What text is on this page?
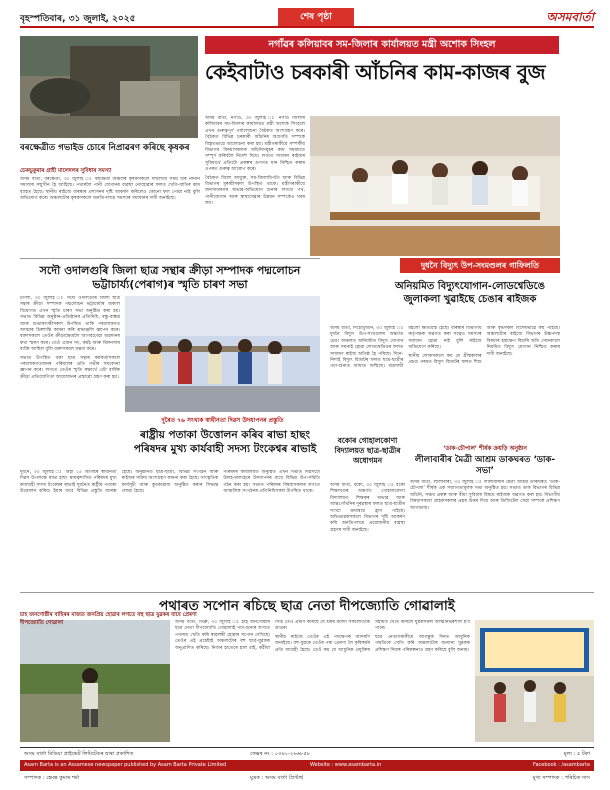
বৃহস্পতিবাৰ, ৩১ জুলাই, ২০২৫	শেষ পৃষ্ঠা	অসমবাৰ্তা
নগাঁৱৰ কলিয়াবৰ সম-জিলাৰ কাৰ্যালয়ত মন্ত্ৰী অশোক সিংহল
কেইবাটাও চৰকাৰী আঁচনিৰ কাম-কাজৰ বুজ
বৰক্ষেত্ৰীত গভাইড চোৰে নিপ্ৰাৱৰণ কৰিছে কৃষকৰ
চেকভুকুৰাৰ গ্ৰাহী মালেদলৰ সুবিধাৰ সমস্যা

অসম বাৰ্তা, বৰক্ষেত্ৰী, ৩০ জুলাই ঃ বৰক্ষেত্ৰী অঞ্চলৰ কৃষকসকলে দীঘলীয়া সময় ধৰি নানান সমস্যাৰ সন্মুখীন হৈ আহিছে। পথাৰলৈ পানী যোগানৰ ব্যৱস্থা নোহোৱাৰ ফলত খেতি-বাতিৰ কাম ব্যাহত হৈছে। স্থানীয় ৰাইজে বাৰম্বাৰ প্ৰশাসনৰ দৃষ্টি আকৰ্ষণ কৰিলেও কোনো ফল পোৱা নাই বুলি অভিযোগ কৰে। অঞ্চলটোৰ কৃষকসকলে অনতিপলমে সমস্যাৰ সমাধানৰ দাবী জনাইছে।

অসম বাৰ্তা, নগাঁও, ৩০ জুলাই ঃ নগাঁও জিলাৰ কলিয়াবৰ সম-জিলাৰ কাৰ্যালয়ত মন্ত্ৰী অশোক সিংহলে এখন গুৰুত্বপূৰ্ণ পৰ্যালোচনা বৈঠকত অংশগ্ৰহণ কৰে। বৈঠকত বিভিন্ন চৰকাৰী আঁচনিৰ অগ্ৰগতি সম্পৰ্কে বিস্তৃতভাৱে আলোচনা কৰা হয়। মন্ত্ৰীগৰাকীয়ে সম্পৰ্কীয় বিভাগৰ বিষয়াসকলক আঁচনিসমূহৰ কাম সময়মতে সম্পূৰ্ণ কৰিবলৈ নিৰ্দেশ দিয়ে। লগতে সাধাৰণ ৰাইজৰ সুবিধাৰ্থে প্ৰতিটো প্ৰকল্পৰ গুণগত মান নিশ্চিত কৰাৰ ওপৰত গুৰুত্ব আৰোপ কৰে।

বৈঠকত জিলা আয়ুক্ত, সম-জিলাধিপতি আৰু বিভিন্ন বিভাগৰ মূৰব্বীসকল উপস্থিত থাকে। মন্ত্ৰীগৰাকীয়ে জনসাধাৰণৰ অভাৱ-অভিযোগ শুনাৰ লগতে পথ, পানীযোগান আৰু স্বাস্থ্যসেৱাৰ উন্নয়ন সম্পৰ্কেও খবৰ লয়।

দুধনৈ বিদ্যুৎ উপ-সংমণ্ডলৰ গাফিলতি
অনিয়মিত বিদ্যুৎযোগান-লোডশ্বেডিঙে জুলাকলা খুৱাইছে চেঙাৰ ৰাইজক

অসম বাৰ্তা, দিচৌমুআন, ৩০ জুলাই ঃ দুধনৈ বিদ্যুৎ উপ-সংমণ্ডলৰ অন্তৰ্গত চেঙা অঞ্চলত অনিয়মিত বিদ্যুৎ যোগান আৰু সঘনাই হোৱা লোডশ্বেডিঙৰ ফলত সাধাৰণ ৰাইজ অতিষ্ঠ হৈ পৰিছে। দিনে-নিশাই বিদ্যুৎ বিভ্ৰাটৰ ফলত ছাত্ৰ-ছাত্ৰীৰ পঢ়া-শুনাত ব্যাঘাত জন্মিছে। ব্যৱসায়ী মহলো ক্ষতিগ্ৰস্ত হৈছে। বাৰম্বাৰ বিভাগীয় কৰ্তৃপক্ষক অৱগত কৰা সত্বেও সমস্যাৰ সমাধান হোৱা নাই বুলি ৰাইজে অভিযোগ কৰিছে।

স্থানীয় লোকসকলে কয় যে গ্ৰীষ্মকালৰ প্ৰচণ্ড গৰমত বিদ্যুৎ বিভ্ৰাটৰ ফলত শিশু আৰু বৃদ্ধসকল বিশেষভাৱে কষ্ট পাইছে। অঞ্চলটোৰ ৰাইজে বিভাগৰ উচ্চপদস্থ বিষয়াৰ হস্তক্ষেপ বিচাৰি অতি সোনকালে নিয়মিত বিদ্যুৎ যোগান নিশ্চিত কৰাৰ দাবী জনাইছে।

সদৌ ওদালগুৰি জিলা ছাত্ৰ সন্থাৰ ক্ৰীড়া সম্পাদক পদ্মলোচন ভট্টাচাৰ্য্য(পেৰাগ)ৰ স্মৃতি চাৰণ সভা

টাংলা, ৩০ জুলাই ঃ সদৌ ওদালগুৰি জিলা ছাত্ৰ সন্থাৰ ক্ৰীড়া সম্পাদক পদ্মলোচন ভট্টাচাৰ্য্যৰ অকাল বিয়োগত এখন স্মৃতি চাৰণ সভা অনুষ্ঠিত কৰা হয়। সভাত বিভিন্ন অনুষ্ঠান-প্ৰতিষ্ঠানৰ প্ৰতিনিধি, বন্ধু-বান্ধৱ আৰু শুভাকাংক্ষীসকল উপস্থিত থাকি পৰলোকগত আত্মাৰ চিৰশান্তি কামনা কৰি শ্ৰদ্ধাঞ্জলি জ্ঞাপন কৰে। বক্তাসকলে তেওঁৰ ক্ৰীড়াক্ষেত্ৰলৈ আগবঢ়োৱা অৱদানৰ কথা স্মৰণ কৰে। তেওঁ এজন সৎ, কৰ্মঠ আৰু মিলনসাৰ ব্যক্তি আছিল বুলি বক্তাসকলে মন্তব্য কৰে।

সভাত উপস্থিত থকা ছাত্ৰ সন্থাৰ কৰ্মকৰ্তাসকলে পৰলোকগতজনৰ পৰিয়ালৰ প্ৰতি গভীৰ সমবেদনা জ্ঞাপন কৰে। লগতে তেওঁৰ স্মৃতি ৰক্ষাৰ্থে এটা বাৰ্ষিক ক্ৰীড়া প্ৰতিযোগিতা আয়োজনৰ প্ৰস্তাৱো গ্ৰহণ কৰা হয়।

দুৰৈত ৭৬ সংখ্যক স্বাধীনতা দিৱস উদযাপনৰ প্ৰস্তুতি
ৰাষ্ট্ৰীয় পতাকা উত্তোলন কৰিব ৰাভা হাছং পৰিষদৰ মুখ্য কাৰ্যবাহী সদস্য টংকেশ্বৰ ৰাভাই

দুধনৈ, ৩০ জুলাই ঃ অহা ১৫ আগষ্টৰ স্বাধীনতা দিৱস উপলক্ষে ৰাভা হাছং স্বায়ত্বশাসিত পৰিষদৰ মুখ্য কাৰ্যবাহী সদস্য টংকেশ্বৰ ৰাভাই দুধনৈত ৰাষ্ট্ৰীয় পতাকা উত্তোলন কৰিব। ইয়াৰ বাবে বিভিন্ন প্ৰস্তুতি আৰম্ভ হৈছে। অনুষ্ঠানত ছাত্ৰ-ছাত্ৰী, বিভিন্ন সংগঠন আৰু ৰাইজৰ সক্ৰিয় অংশগ্ৰহণ কামনা কৰা হৈছে। সাংস্কৃতিক কাৰ্যসূচী আৰু কুচকাৱাজ অনুষ্ঠিত কৰাৰ সিদ্ধান্ত লোৱা হৈছে।

পৰিষদৰ কাৰ্যালয়ত অনুষ্ঠিত এখন সভাত দিৱসটো উলহ-মালহেৰে উদযাপনৰ বাবে বিভিন্ন উপ-সমিতি গঠন কৰা হয়। সভাত পৰিষদৰ বিষয়াসকলৰ লগতে আঞ্চলিক সংগঠনৰ প্ৰতিনিধিসকল উপস্থিত থাকে।

বকোৰ গোহালকোণা বিদ্যালয়ত ছাত্ৰ-ছাত্ৰীৰ অধোগমন

অসম বাৰ্তা, বকো, ৩০ জুলাই ঃ বকো শিক্ষাখণ্ডৰ অন্তৰ্গত গোহালকোণা বিদ্যালয়ত শিক্ষকৰ অভাৱ আৰু আন্তঃগাঁথনিৰ দুৰৱস্থাৰ ফলত ছাত্ৰ-ছাত্ৰীৰ সংখ্যা ক্ৰমান্বয়ে হ্ৰাস পাইছে। অভিভাৱকসকলে বিভাগৰ দৃষ্টি আকৰ্ষণ কৰি অনতিপলমে প্ৰয়োজনীয় ব্যৱস্থা গ্ৰহণৰ দাবী জনাইছে।

‘ডাক-চৌপাল’ শীৰ্ষক ক্ৰয়ড়ি অনুষ্ঠান
লীলাবাৰীৰ মৈত্ৰী আশ্ৰম ডাকঘৰত ‘ডাক-সভা’

অসম বাৰ্তা, লীলাবাৰী, ৩০ জুলাই ঃ লীলাবাৰীৰ মৈত্ৰী আশ্ৰম ডাকঘৰত ‘ডাক-চৌপাল’ শীৰ্ষক এক সজাগতামূলক সভা অনুষ্ঠিত হয়। সভাত ডাক বিভাগৰ বিভিন্ন আঁচনি, সঞ্চয় প্ৰকল্প আৰু বীমা সুবিধাৰ বিষয়ে ৰাইজক অৱগত কৰা হয়। বিভাগীয় বিষয়াসকলে গ্ৰাহকসকলৰ প্ৰশ্নৰ উত্তৰ দিয়ে আৰু ডিজিটেল সেৱা সম্পৰ্কে প্ৰশিক্ষণ আগবঢ়ায়।

পথাৰত সপোন ৰচিছে ছাত্ৰ নেতা দীপজ্যোতি গোৱালাই
চাহ জনগোষ্ঠীৰ বাহিৰৰ মাজত জনপ্ৰিয় হোৱাৰ লগতে বহু ছাত্ৰ যুৱকৰ বাবে প্ৰেৰণা দীপজ্যোতি গোৱালা	অসম বাৰ্তা, ডিব্ৰু, ৩০ জুলাই ঃ চাহ জনগোষ্ঠীৰ ছাত্ৰ নেতা দীপজ্যোতি গোৱালাই পঢ়া-শুনাৰ লগতে পথাৰত খেতি কৰি স্বাৱলম্বী হোৱাৰ সপোন দেখিছে। তেওঁৰ এই প্ৰচেষ্টাই অঞ্চলটোৰ বহু ছাত্ৰ-যুৱকক অনুপ্ৰাণিত কৰিছে। নিজৰ হাতেৰে হাল বাই, কঠীয়া সিঁচি তেওঁ প্ৰমাণ কৰিছে যে শ্ৰমৰ মৰ্যাদা সকলোতকৈ ডাঙৰ।

স্থানীয় ৰাইজে তেওঁৰ এই পদক্ষেপক আদৰণি জনাইছে। বহু যুৱকে তেওঁৰ পৰা প্ৰেৰণা লৈ কৃষিকৰ্মৰ প্ৰতি আগ্ৰহী হৈছে। তেওঁ কয় যে আধুনিক প্ৰযুক্তিৰ সহায়ত খেতি কৰিলে যুৱকসকল আত্মনিৰ্ভৰশীল হ'ব পাৰে।

ছাত্ৰ নেতাগৰাকীয়ে আগন্তুক দিনত আধুনিক পদ্ধতিৰে খেতি কৰি অঞ্চলটোৰ অন্যান্য যুৱকক প্ৰশিক্ষণ দিয়াৰ পৰিকল্পনাও গ্ৰহণ কৰিছে বুলি জনায়।

অসম বাৰ্তা মিডিয়া প্ৰাইভেট লিমিটেডৰ দ্বাৰা প্ৰকাশিত	ফেক্সৰ নং : ০৩৬১-২৬৬৮৫৮	মূল্য : ৫ টকা
Asam Barta is an Assamese newspaper published by Asam Barta Private Limited	Website : www.asambarta.in	Facebook : /asambarta
সম্পাদক : হেমন্ত কুমাৰ শৰ্মা	মুদ্ৰক : অসম বাৰ্তা প্ৰিণ্টাৰ্ছ	মুখ্য সম্পাদক : পৰিচিত দাস
